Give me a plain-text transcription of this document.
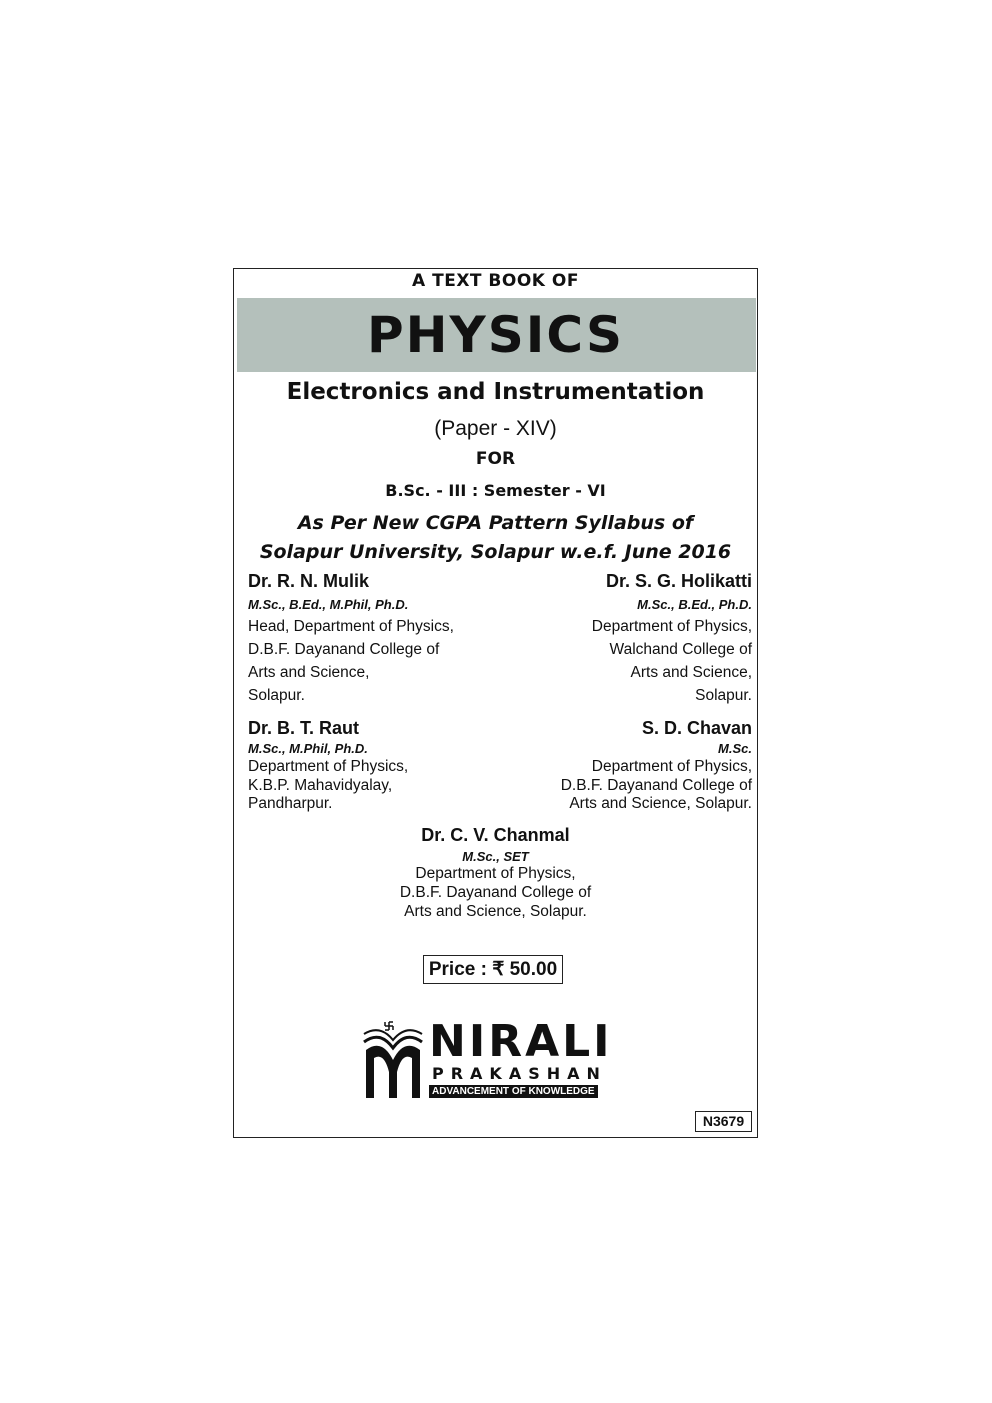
A TEXT BOOK OF
PHYSICS
Electronics and Instrumentation
(Paper - XIV)
FOR
B.Sc. - III : Semester - VI
As Per New CGPA Pattern Syllabus of
Solapur University, Solapur w.e.f. June 2016
Dr. R. N. Mulik
M.Sc., B.Ed., M.Phil, Ph.D.
Head, Department of Physics,
D.B.F. Dayanand College of
Arts and Science,
Solapur.
Dr. S. G. Holikatti
M.Sc., B.Ed., Ph.D.
Department of Physics,
Walchand College of
Arts and Science,
Solapur.
Dr. B. T. Raut
M.Sc., M.Phil, Ph.D.
Department of Physics,
K.B.P. Mahavidyalay,
Pandharpur.
S. D. Chavan
M.Sc.
Department of Physics,
D.B.F. Dayanand College of
Arts and Science, Solapur.
Dr. C. V. Chanmal
M.Sc., SET
Department of Physics,
D.B.F. Dayanand College of
Arts and Science, Solapur.
Price : ₹ 50.00
NIRALI
PRAKASHAN
ADVANCEMENT OF KNOWLEDGE
N3679
